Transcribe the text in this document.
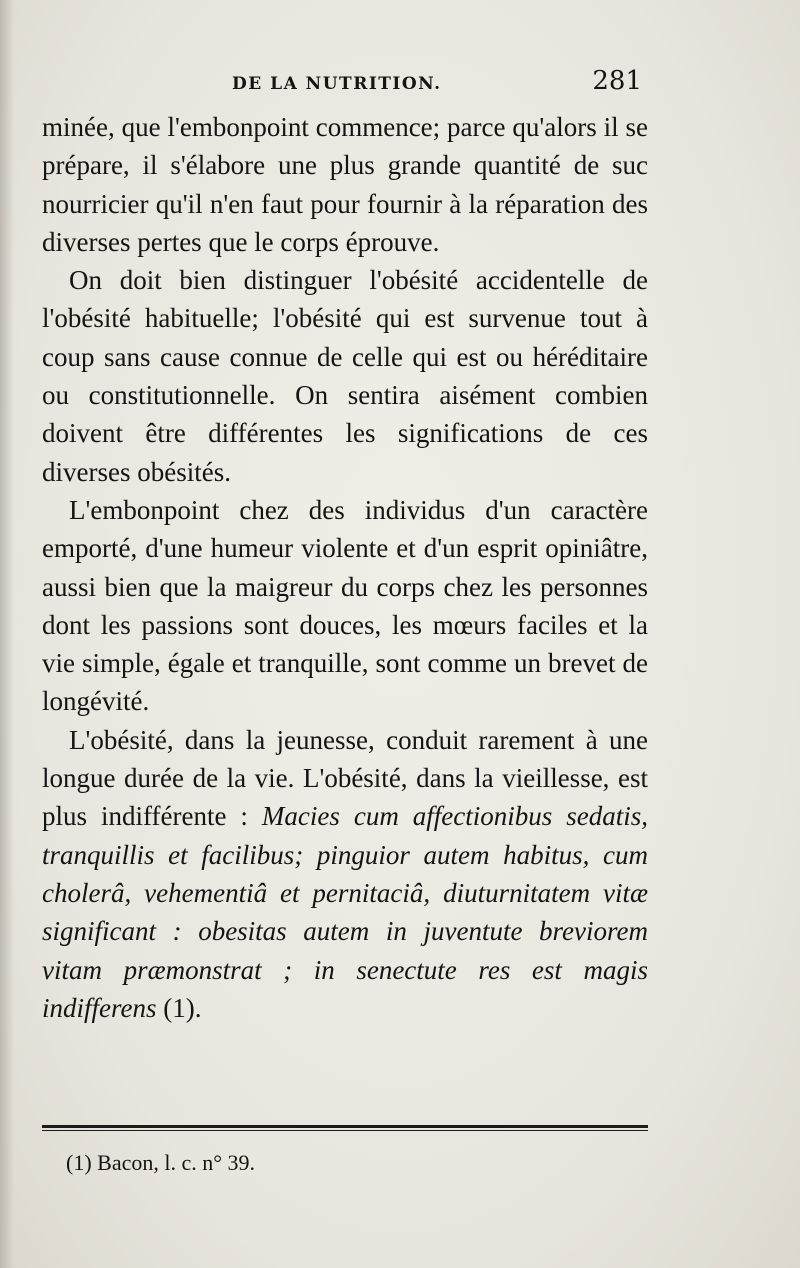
DE LA NUTRITION.	281

minée, que l'embonpoint commence; parce qu'alors il se prépare, il s'élabore une plus grande quantité de suc nourricier qu'il n'en faut pour fournir à la réparation des diverses pertes que le corps éprouve.

On doit bien distinguer l'obésité accidentelle de l'obésité habituelle; l'obésité qui est survenue tout à coup sans cause connue de celle qui est ou héréditaire ou constitutionnelle. On sentira aisément combien doivent être différentes les significations de ces diverses obésités.

L'embonpoint chez des individus d'un caractère emporté, d'une humeur violente et d'un esprit opiniâtre, aussi bien que la maigreur du corps chez les personnes dont les passions sont douces, les mœurs faciles et la vie simple, égale et tranquille, sont comme un brevet de longévité.

L'obésité, dans la jeunesse, conduit rarement à une longue durée de la vie. L'obésité, dans la vieillesse, est plus indifférente : Macies cum affectionibus sedatis, tranquillis et facilibus; pinguior autem habitus, cum cholerâ, vehementiâ et pernitaciâ, diuturnitatem vitæ significant : obesitas autem in juventute breviorem vitam præmonstrat ; in senectute res est magis indifferens (1).

(1) Bacon, l. c. n° 39.
